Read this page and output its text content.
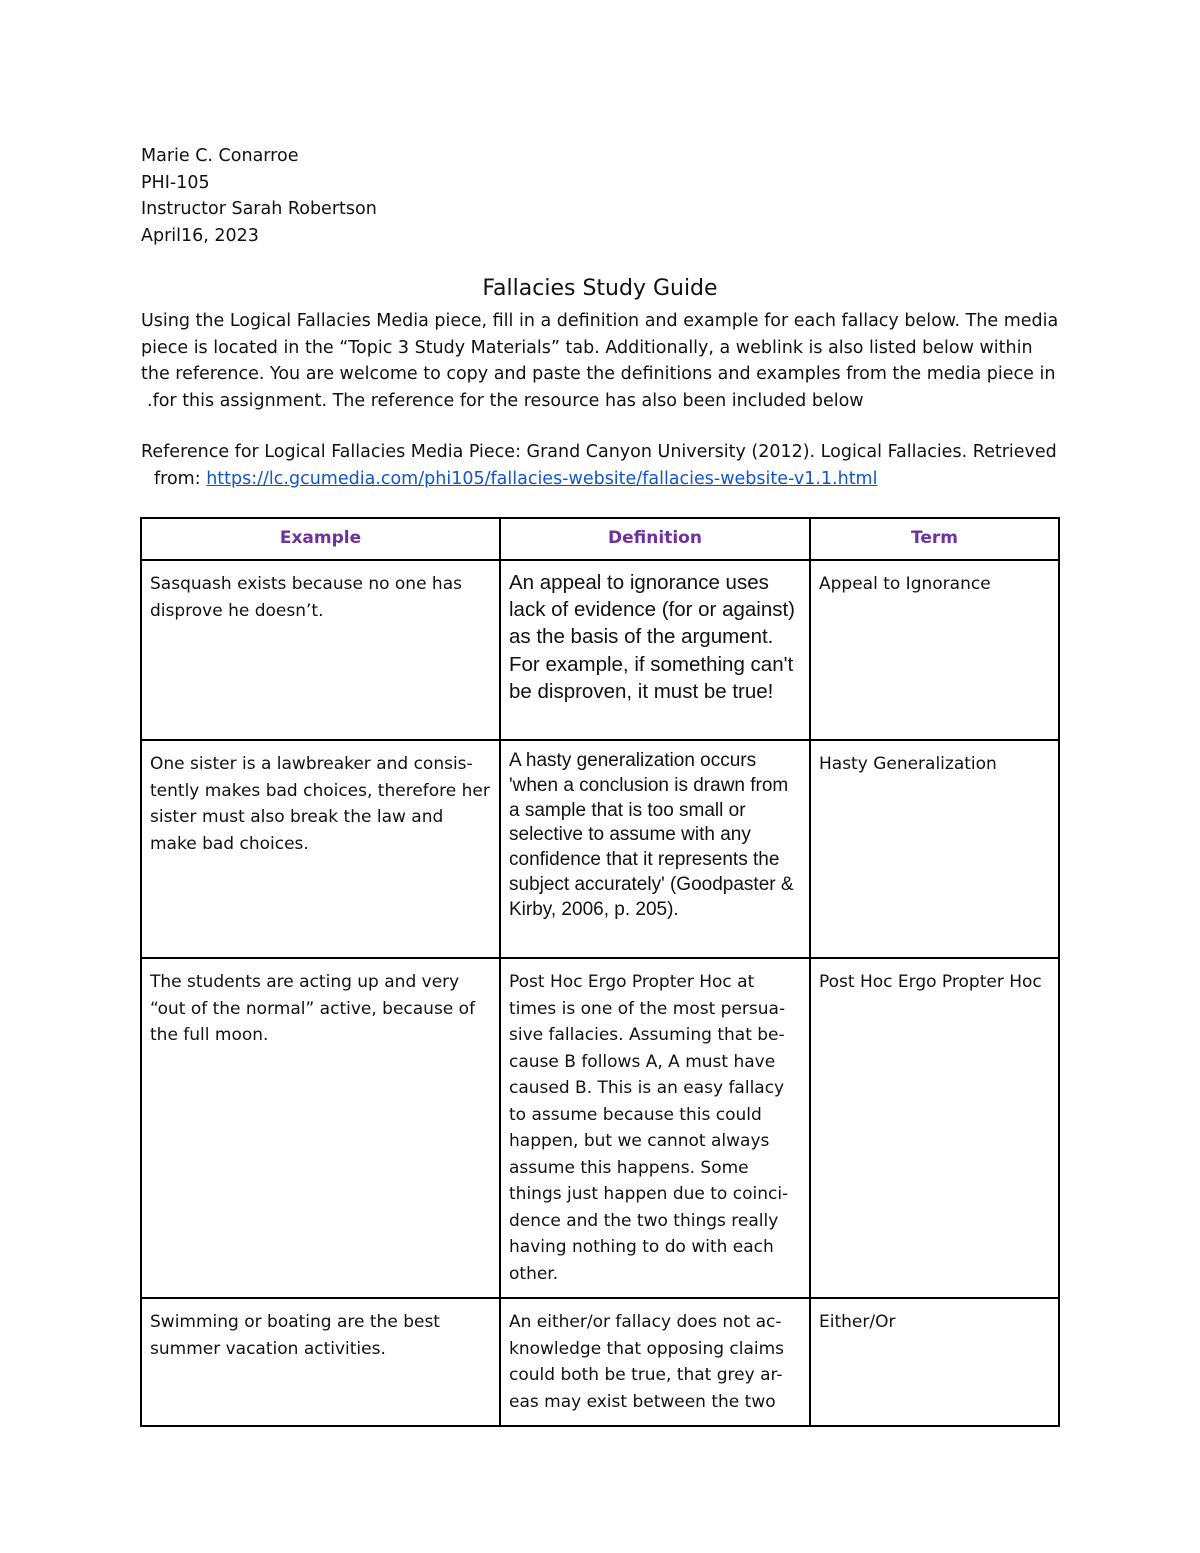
Marie C. Conarroe
PHI-105
Instructor Sarah Robertson
April16, 2023
Fallacies Study Guide

Using the Logical Fallacies Media piece, fill in a definition and example for each fallacy below. The media

piece is located in the “Topic 3 Study Materials” tab. Additionally, a weblink is also listed below within

the reference. You are welcome to copy and paste the definitions and examples from the media piece in

.for this assignment. The reference for the resource has also been included below

Reference for Logical Fallacies Media Piece: Grand Canyon University (2012). Logical Fallacies. Retrieved
from: https://lc.gcumedia.com/phi105/fallacies-website/fallacies-website-v1.1.html
Example	Definition	Term
Sasquash exists because no one has disprove he doesn’t.	An appeal to ignorance uses lack of evidence (for or against) as the basis of the argument. For example, if something can't be disproven, it must be true!	Appeal to Ignorance
One sister is a lawbreaker and consis-tently makes bad choices, therefore her sister must also break the law and make bad choices.	A hasty generalization occurs 'when a conclusion is drawn from a sample that is too small or selective to assume with any confidence that it represents the subject accurately' (Goodpaster & Kirby, 2006, p. 205).	Hasty Generalization
The students are acting up and very “out of the normal” active, because of the full moon.	Post Hoc Ergo Propter Hoc at times is one of the most persua-sive fallacies. Assuming that be-cause B follows A, A must have caused B. This is an easy fallacy to assume because this could happen, but we cannot always assume this happens. Some things just happen due to coinci-dence and the two things really having nothing to do with each other.	Post Hoc Ergo Propter Hoc
Swimming or boating are the best summer vacation activities.	An either/or fallacy does not ac-knowledge that opposing claims could both be true, that grey ar-eas may exist between the two	Either/Or
